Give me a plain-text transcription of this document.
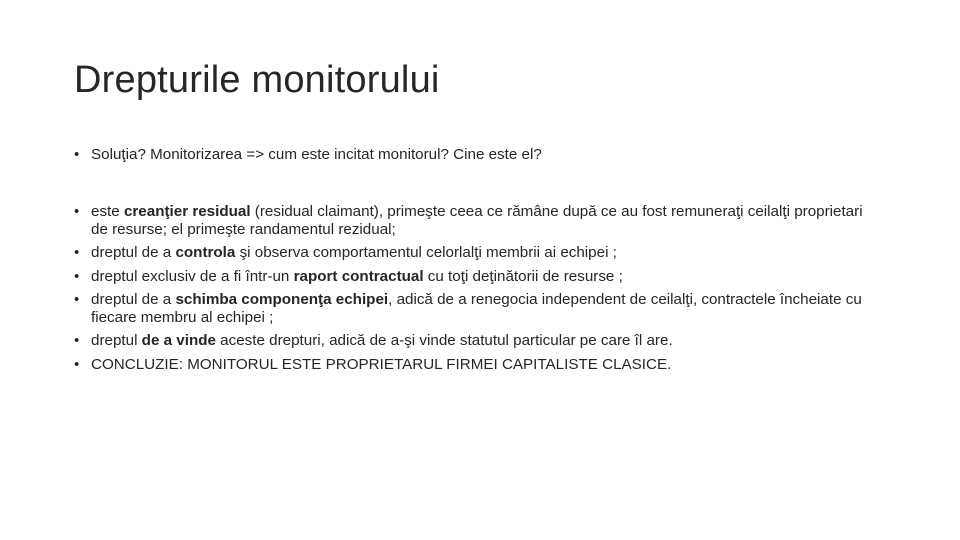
Drepturile monitorului
• Soluţia? Monitorizarea => cum este incitat monitorul? Cine este el?
• este creanţier residual (residual claimant), primeşte ceea ce rămâne după ce au fost remuneraţi ceilalţi proprietari de resurse; el primeşte randamentul rezidual;
• dreptul de a controla şi observa comportamentul celorlalţi membrii ai echipei ;
• dreptul exclusiv de a fi într-un raport contractual cu toţi deţinătorii de resurse ;
• dreptul de a schimba componenţa echipei, adică de a renegocia independent de ceilalţi, contractele încheiate cu fiecare membru al echipei ;
• dreptul de a vinde aceste drepturi, adică de a-şi vinde statutul particular pe care îl are.
• CONCLUZIE: MONITORUL ESTE PROPRIETARUL FIRMEI CAPITALISTE CLASICE.
